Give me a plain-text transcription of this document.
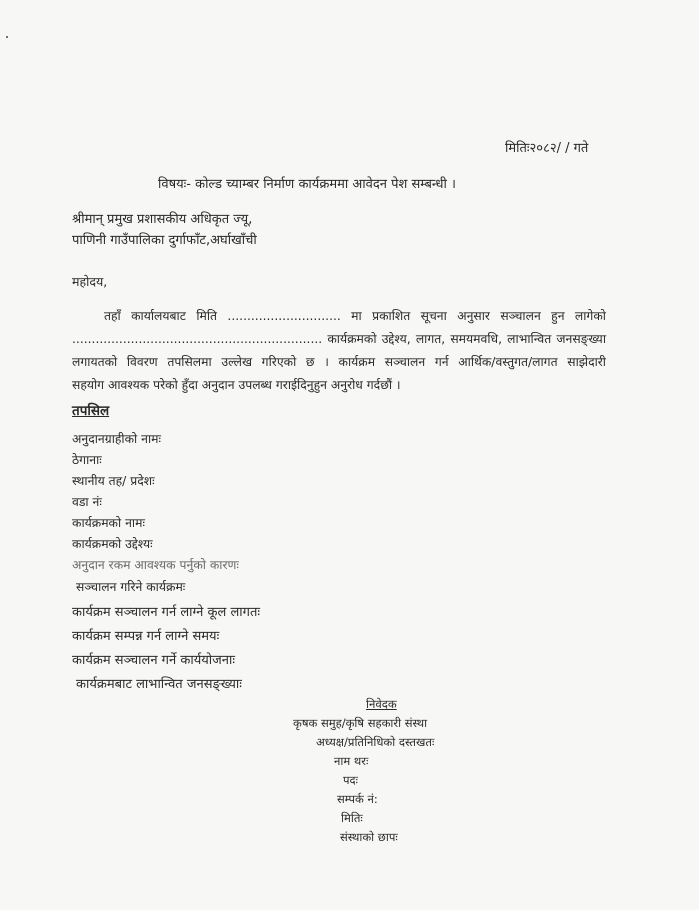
मितिः२०८२/ / गते
विषयः- कोल्ड च्याम्बर निर्माण कार्यक्रममा आवेदन पेश सम्बन्धी ।
श्रीमान् प्रमुख प्रशासकीय अधिकृत ज्यू,
पाणिनी गाउँपालिका दुर्गाफाँट,अर्घाखाँची
महोदय,
तहाँ कार्यालयबाट मिति ............................. मा प्रकाशित सूचना अनुसार सञ्चालन हुन लागेको
................................................................ कार्यक्रमको उद्देश्य, लागत, समयमवधि, लाभान्वित जनसङ्ख्या
लगायतको विवरण तपसिलमा उल्लेख गरिएको छ । कार्यक्रम सञ्चालन गर्न आर्थिक/वस्तुगत/लागत साझेदारी
सहयोग आवश्यक परेको हुँदा अनुदान उपलब्ध गराईदिनुहुन अनुरोध गर्दछौं ।
तपसिल
अनुदानग्राहीको नामः
ठेगानाः
स्थानीय तह/ प्रदेशः
वडा नंः
कार्यक्रमको नामः
कार्यक्रमको उद्देश्यः
अनुदान रकम आवश्यक पर्नुको कारणः
सञ्चालन गरिने कार्यक्रमः
कार्यक्रम सञ्चालन गर्न लाग्ने कूल लागतः
कार्यक्रम सम्पन्न गर्न लाग्ने समयः
कार्यक्रम सञ्चालन गर्ने कार्ययोजनाः
कार्यक्रमबाट लाभान्वित जनसङ्ख्याः
निवेदक
कृषक समुह/कृषि सहकारी संस्था
अध्यक्ष/प्रतिनिधिको दस्तखतः
नाम थरः
पदः
सम्पर्क नं:
मितिः
संस्थाको छापः
